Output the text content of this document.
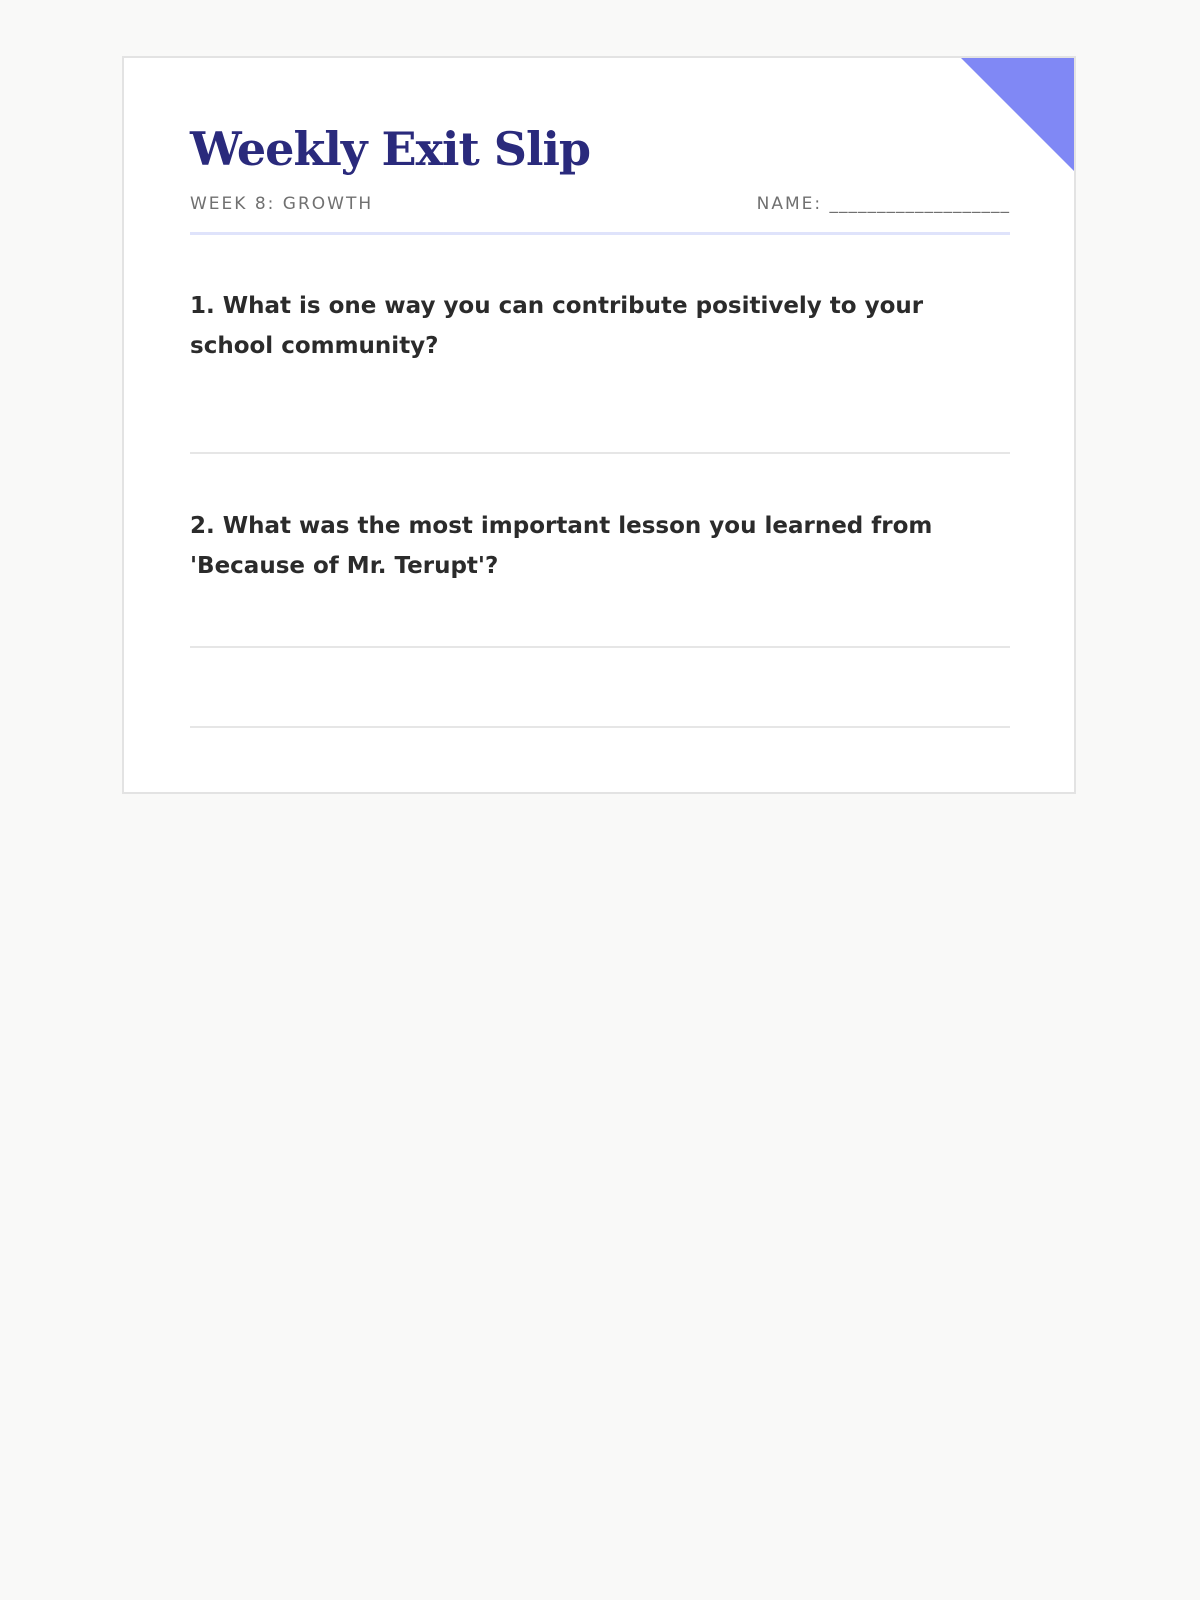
Weekly Exit Slip
WEEK 8: GROWTH	NAME: ___________________

1. What is one way you can contribute positively to your school community?

2. What was the most important lesson you learned from 'Because of Mr. Terupt'?
